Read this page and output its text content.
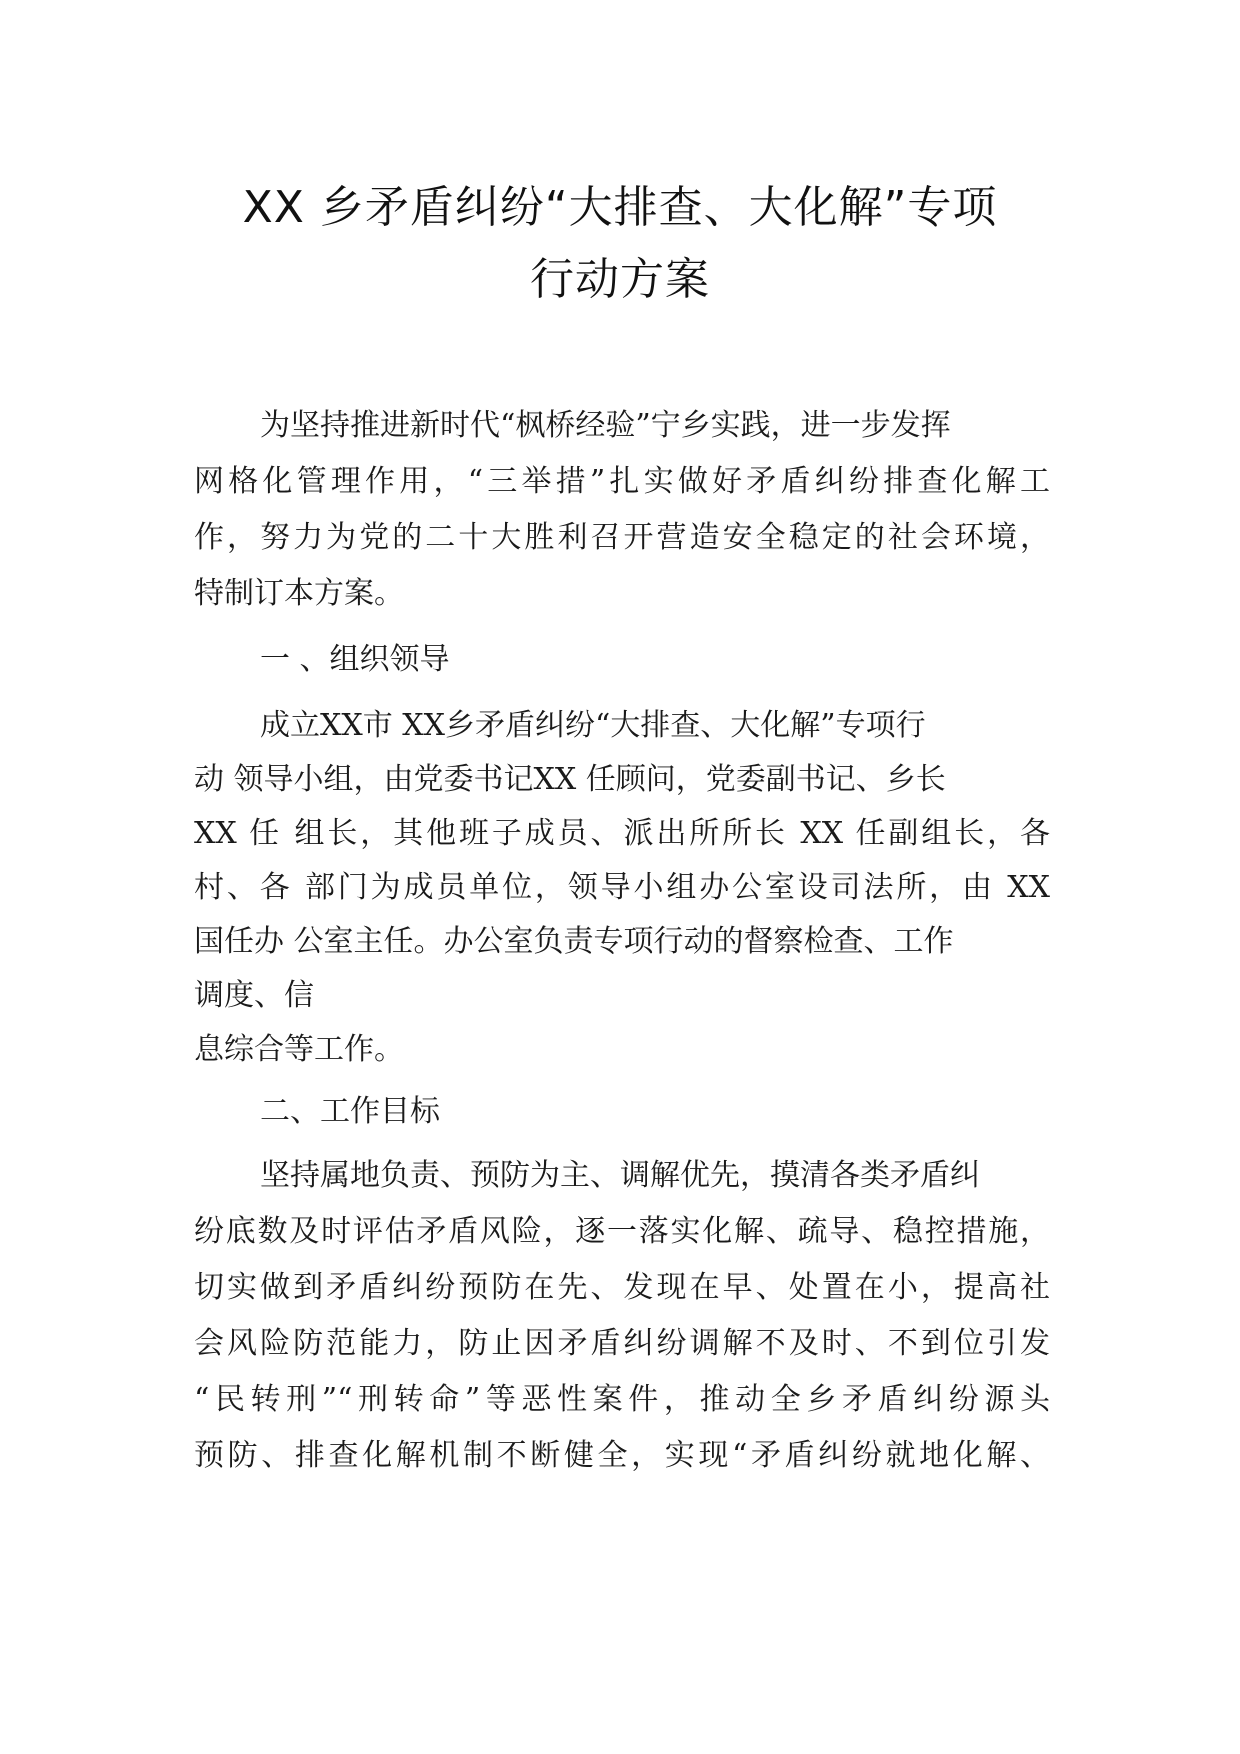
XX 乡矛盾纠纷“大排查、大化解”专项
行动方案
为坚持推进新时代“枫桥经验”宁乡实践，进一步发挥
网格化管理作用，“三举措”扎实做好矛盾纠纷排查化解工
作，努力为党的二十大胜利召开营造安全稳定的社会环境，
特制订本方案。
一 、组织领导
成立XX市 XX乡矛盾纠纷“大排查、大化解”专项行
动 领导小组，由党委书记XX 任顾问，党委副书记、乡长
XX 任 组长，其他班子成员、派出所所长 XX 任副组长，各
村、各 部门为成员单位，领导小组办公室设司法所，由 XX
国任办 公室主任。办公室负责专项行动的督察检查、工作
调度、信
息综合等工作。
二、工作目标
坚持属地负责、预防为主、调解优先，摸清各类矛盾纠
纷底数及时评估矛盾风险，逐一落实化解、疏导、稳控措施，
切实做到矛盾纠纷预防在先、发现在早、处置在小，提高社
会风险防范能力，防止因矛盾纠纷调解不及时、不到位引发
“民转刑”“刑转命”等恶性案件，推动全乡矛盾纠纷源头
预防、排查化解机制不断健全，实现“矛盾纠纷就地化解、
